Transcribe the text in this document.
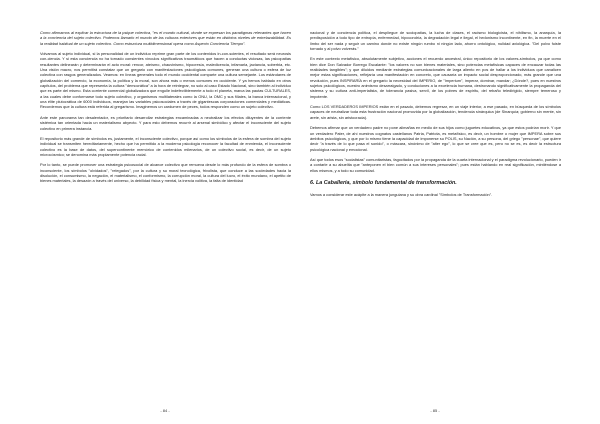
Como afirmamos al explicar la estructura de la psique colectiva, "es el mundo cultural, donde se expresan los paradigmas relevantes que hacen a la conciencia del sujeto colectivo. Podemos llamarlo el mundo de las culturas exteriores que están en distintos niveles de entrelazabilidad. Es la realidad habitual de un sujeto colectivo. Como estructura multidimensional opera como Aspecto Conciencia Tiempo".

Volvamos al sujeto individual, si la personalidad de un individuo reprime gran parte de los contenidos in-con-scientes, el resultado será neurosis con-ciencia. Y si esta conciencia no ha tornado consientes vínculos significativos traumáticos que hacen a conductas viciosas, las psicopatías resultantes delinearán y determinarán el acto moral: rencor, ateísmo, chauvinismo, hipocresía, maledicencia, infamarla, jactancia, soberbia, etc. Una visión macro, nos permitirá constatar que un gregario con manifestaciones psicológicas comunes, generan una cultura o esfera de luz colectiva con rasgos generalizados. Veamos: en líneas generales todo el mundo occidental comparte una cultura semejante. Los estándares de globalización del comercio, la economía, la política y la moral, son ahora más o menos comunes en occidente. Y ya hemos hablado en otros capítulos, del problema que representa la cultura "democrática" a la hora de reintegrar, no solo al caso Estado Nacional, sino también al individuo que es parte del mismo. Esta corriente comercial globalizadora que engulle indefectiblemente a todo el planeta, marca las pautas CULTURALES, a las cuales debe conformarse todo sujeto colectivo, y organismos multilaterales como la ONU, la OMC y sus filiales, la banca internacional, y una élite plutocrática de 6000 individuos, manejan las variables psicosociales a través de gigantescas corporaciones comerciales y mediáticas. Recordemos que la cultura está referida al gregarismo. Imaginemos un cardumen de peces, todos responden como un sujeto colectivo.

Ante este panorama tan desalentador, es prioritario desarrollar estrategias encaminadas a neutralizar los efectos diluyentes de la corriente sistémica tan orientada hacia un materialismo abyecto. Y para esto debemos recurrir al arsenal simbólico y afectar el inconsciente del sujeto colectivo en primera instancia.

El repositorio más grande de símbolos es, justamente, el inconsciente colectivo, porque así como los símbolos de la esfera de sombra del sujeto individual se transmiten hereditariamente, hecho que ha permitido a la moderna psicología reconocer la facultad de enmienda, el inconsciente colectivo es la base de datos, del supercontinente memórico de contenidos milenarios, de un colectivo social, es decir, de un sujeto microcósmico; se denomina más propiamente potencia racial.

Por lo tanto, se puede promover una estrategia psicosocial de alcance colectivo que remueva desde lo más profundo de la esfera de sombra o inconsciente, los símbolos "olvidados", "relegados", por la cultura y su moral tecnológica, frivolista, que conduce a las sociedades hacia la disolución, el consumismo, la negación, el materialismo, el conformismo, la corrupción moral, la cultura del lucro, el éxito mundano, el apetito de bienes materiales, la desazón a través del universo, la debilidad física y mental, la inercia volitiva, la falta de identidad

nacional y de conciencia política, el despliegue de sociopatías, la lucha de clases, el racismo biologicista, el nihilismo, la anarquía, la predisposición a todo tipo de entropía, enfermedad, hipocondría, la degradación legal e ilegal, el hedonismo incontinente, en fin, la muerte en el limbo del ser nada y seguir un camino donde no existe ningún rumbo ni ningún lado, ahorro ontológico, nulidad axiológica. "Del polvo fuiste tornado y al polvo volverás."

En este contexto metafísico, absolutamente subjetivo, acciones el recuerdo ancestral, único repositorio de los valores-símbolos, ya que como bien dice Don Salvador Borrego Escalante: "los valores no son bienes materiales, sino potencias metafísicas capaces de encauzar todas las realidades tangibles"; y que diluidos mediante estrategias comunicacionales de larga aliento en pos de hallar a los individuos que canalicen mejor estas significaciones, reflejaría una manifestación en concreto, que causaría un impacto social desproporcionado, más grande que una revolución, pues INSPIRARÍA en el gregario la necesidad del IMPERIO, de "Imperium", imperar, dominar, mandar; ¿Dónde?, pues en nuestros sujetos psicológicos, nuestro animismo desarraigado, y conduciones a la excelencia humana, destronando significativamente la propaganda del sistema y su cultura anti-imperialista, de tolerancia pasiva, servil, de los pobres de espíritu, del rebaño teledirigido, siempre temeroso y impotente.

Como LOS VERDADEROS IMPERIOS están en el pasado, debemos regresar, en un viaje interior, a ese pasado, en búsqueda de los símbolos capaces de neutralizar toda esta frustración nacional promovida por la globalización, tendencia sinárquica (de Sinarquía; gobierno sin mente, sin arete, sin arista, sin aristocracia).

Debemos afirmar que un verdadero padre no pone alimañas en medio de sus hijos como juguetes educativos, ya que estos podrían morir. Y que un verdadero Pater, de ahí nuestros cognatos castellanos Patria, Patriota, es metafísico, es decir, un hombre o mujer que IMPERA sobre sus ámbitos psicológicos, y que por lo mismo tiene la capacidad de imponerse su POLIS, su Nación, a su persona, del griego "personae", que quiere decir "a través de lo que pasa el sonido", o máscara, sinónimo de "alter ego", lo que se cree que es, pero no se es, es decir la estructura psicológica nacional y emocional.

Así que todos esos "socialistas" comunitaristas, fagocitados por la propaganda de la cuarta internacional y el paradigma revolucionario, pueden ir a contarle a su abuelita que "anteponen el bien común a sus intereses personales"; pues están hablando en real significación, mintiéndose a ellos mismos, y a todo su comunidad.

6. La Caballería, símbolo fundamental de transformación.

Vamos a considerar este acápite a la manera junguiana y su obra cardinal "Símbolos de Transformación".

- 84 -	- 85 -
